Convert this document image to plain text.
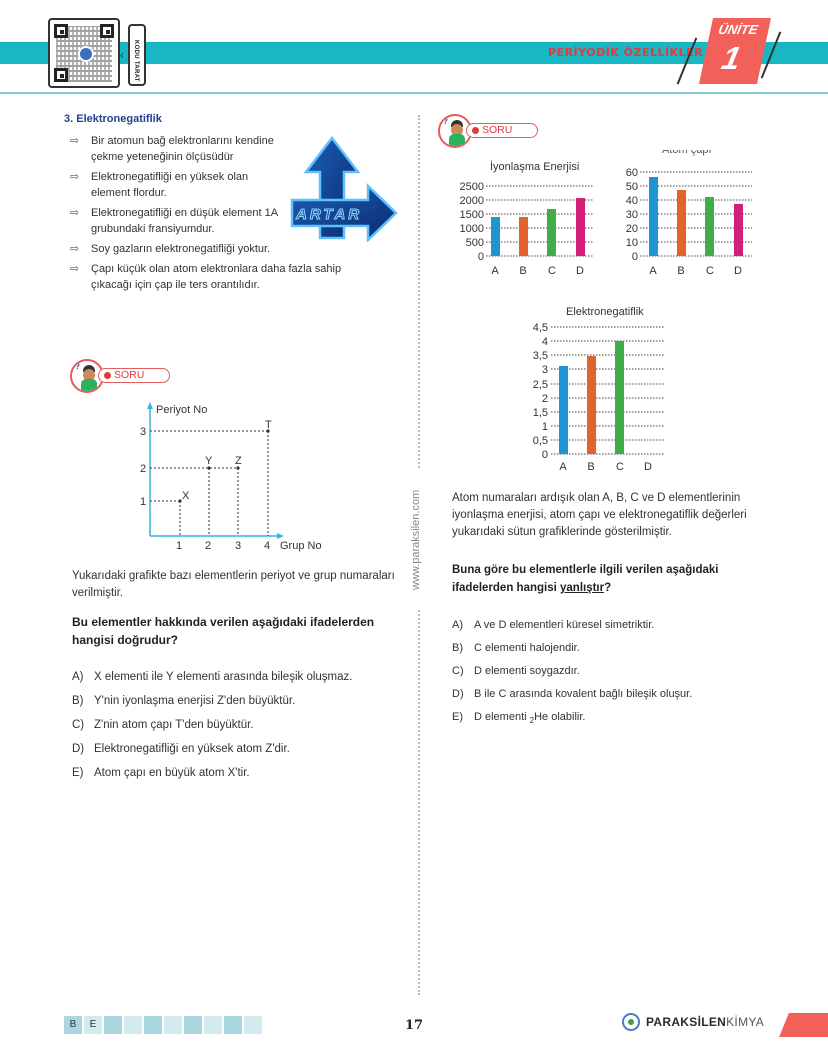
‹ KODU TARAT	PERİYODİK ÖZELLİKLER
ÜNİTE
1
www.paraksilen.com
3. Elektronegatiflik
⇨ Bir atomun bağ elektronlarını kendine çekme yeteneğinin ölçüsüdür
⇨ Elektronegatifliği en yüksek olan element flordur.
⇨ Elektronegatifliği en düşük element 1A grubundaki fransiyumdur.
⇨ Soy gazların elektronegatifliği yoktur.
⇨ Çapı küçük olan atom elektronlara daha fazla sahip çıkacağı için çap ile ters orantılıdır.
ARTAR
?
SORU
Periyot No
Grup No
1
2
3
1 2 3 4
X
Y Z
T
Yukarıdaki grafikte bazı elementlerin periyot ve grup numaraları verilmiştir.
Bu elementler hakkında verilen aşağıdaki ifadelerden hangisi doğrudur?
A) X elementi ile Y elementi arasında bileşik oluşmaz.
B) Y'nin iyonlaşma enerjisi Z'den büyüktür.
C) Z'nin atom çapı T'den büyüktür.
D) Elektronegatifliği en yüksek atom Z'dir.
E) Atom çapı en büyük atom X'tir.
?
SORU
İyonlaşma Enerjisi
0
500
1000
1500
2000
2500
A B C D
0
10
20
30
40
50
60
A B C D
Elektronegatiflik
0
0,5
1
1,5
2
2,5
3
3,5
4
4,5
A B C D
Atom numaraları ardışık olan A, B, C ve D elementlerinin iyonlaşma enerjisi, atom çapı ve elektronegatiflik değerleri yukarıdaki sütun grafiklerinde gösterilmiştir.
Buna göre bu elementlerle ilgili verilen aşağıdaki ifadelerden hangisi yanlıştır?
A)	A ve D elementleri küresel simetriktir.
B)	C elementi halojendir.
C) D elementi soygazdır.
D) B ile C arasında kovalent bağlı bileşik oluşur.
E)	D elementi $_2$He olabilir.
B	E	17	PARAKSİLEN KİMYA
